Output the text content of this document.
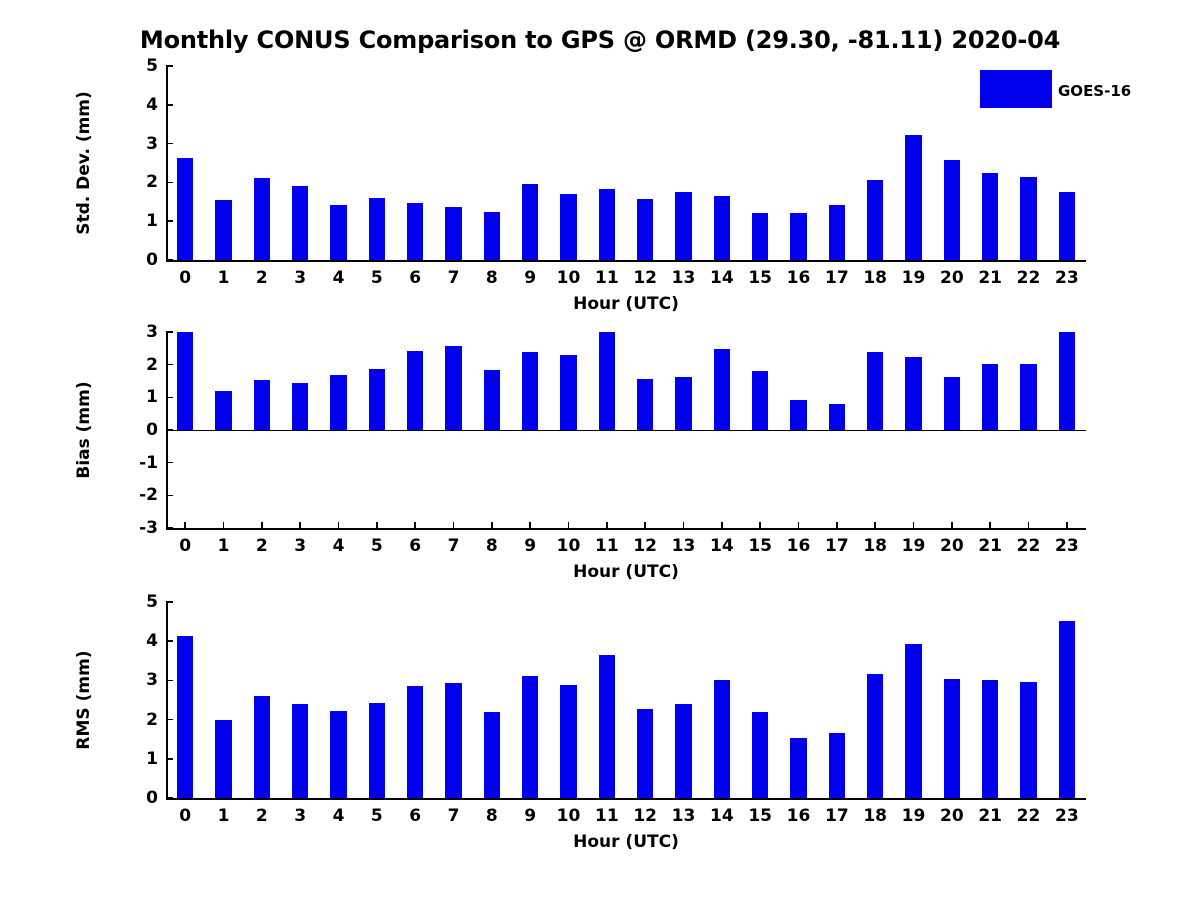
Monthly CONUS Comparison to GPS @ ORMD (29.30, -81.11) 2020-04
0
1
2
3
4
5
0 1 2 3 4 5 6 7 8 9 10 11 12 13 14 15 16 17 18 19 20 21 22 23
Hour (UTC)
Std. Dev. (mm)
GOES-16
-3
-2
-1
0
1
2
3
0 1 2 3 4 5 6 7 8 9 10 11 12 13 14 15 16 17 18 19 20 21 22 23
Hour (UTC)
Bias (mm)
0
1
2
3
4
5
0 1 2 3 4 5 6 7 8 9 10 11 12 13 14 15 16 17 18 19 20 21 22 23
Hour (UTC)
RMS (mm)
